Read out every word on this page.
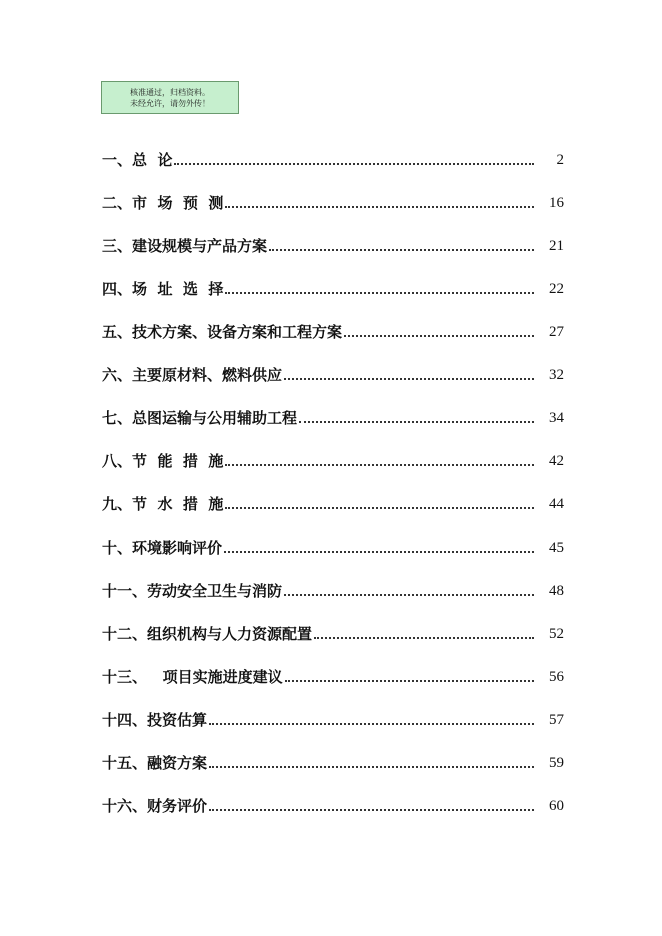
核准通过，归档资料。
未经允许，请勿外传！
一、总  论	2
二、市  场  预  测	16
三、建设规模与产品方案	21
四、场  址  选  择	22
五、技术方案、设备方案和工程方案	27
六、主要原材料、燃料供应	32
七、总图运输与公用辅助工程	34
八、节  能  措  施	42
九、节  水  措  施	44
十、环境影响评价	45
十一、劳动安全卫生与消防	48
十二、组织机构与人力资源配置	52
十三、   项目实施进度建议	56
十四、投资估算	57
十五、融资方案	59
十六、财务评价	60
